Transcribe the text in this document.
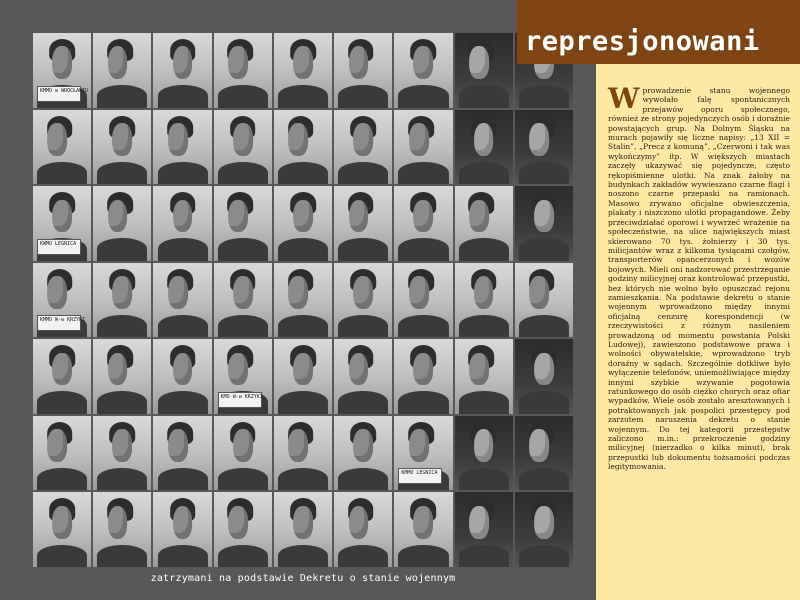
KMMO w WROCŁAWIU
KWMO LEGNICA
KMMO W-w KRZYKI
KMO W-w KRZYKI
KMMO LEGNICA
zatrzymani na podstawie Dekretu o stanie wojennym
represjonowani

Wprowadzenie stanu wojennego wywołało falę spontanicznych przejawów oporu społecznego, również ze strony pojedynczych osób i doraźnie powstających grup. Na Dolnym Śląsku na murach pojawiły się liczne napisy: „13 XII = Stalin”, „Precz z komuną”, „Czerwoni i tak was wykończymy” itp. W większych miastach zaczęły ukazywać się pojedyncze, często rękopiśmienne ulotki. Na znak żałoby na budynkach zakładów wywieszano czarne flagi i noszono czarne przepaski na ramionach. Masowo zrywano oficjalne obwieszczenia, plakaty i niszczono ulotki propagandowe. Żeby przeciwdziałać oporowi i wywrzeć wrażenie na społeczeństwie, na ulice największych miast skierowano 70 tys. żołnierzy i 30 tys. milicjantów wraz z kilkoma tysiącami czołgów, transporterów opancerzonych i wozów bojowych. Mieli oni nadzorować przestrzeganie godziny milicyjnej oraz kontrolować przepustki, bez których nie wolno było opuszczać rejonu zamieszkania. Na podstawie dekretu o stanie wojennym wprowadzono między innymi oficjalną cenzurę korespondencji (w rzeczywistości z różnym nasileniem prowadzoną od momentu powstania Polski Ludowej), zawieszono podstawowe prawa i wolności obywatelskie, wprowadzono tryb doraźny w sądach. Szczególnie dotkliwe było wyłączenie telefonów, uniemożliwiające między innymi szybkie wzywanie pogotowia ratunkowego do osób ciężko chorych oraz ofiar wypadków. Wiele osób zostało aresztowanych i potraktowanych jak pospolici przestępcy pod zarzutem naruszenia dekretu o stanie wojennym. Do tej kategorii przestępstw zaliczono m.in.: przekroczenie godziny milicyjnej (nierzadko o kilka minut), brak przepustki lub dokumentu tożsamości podczas legitymowania.
